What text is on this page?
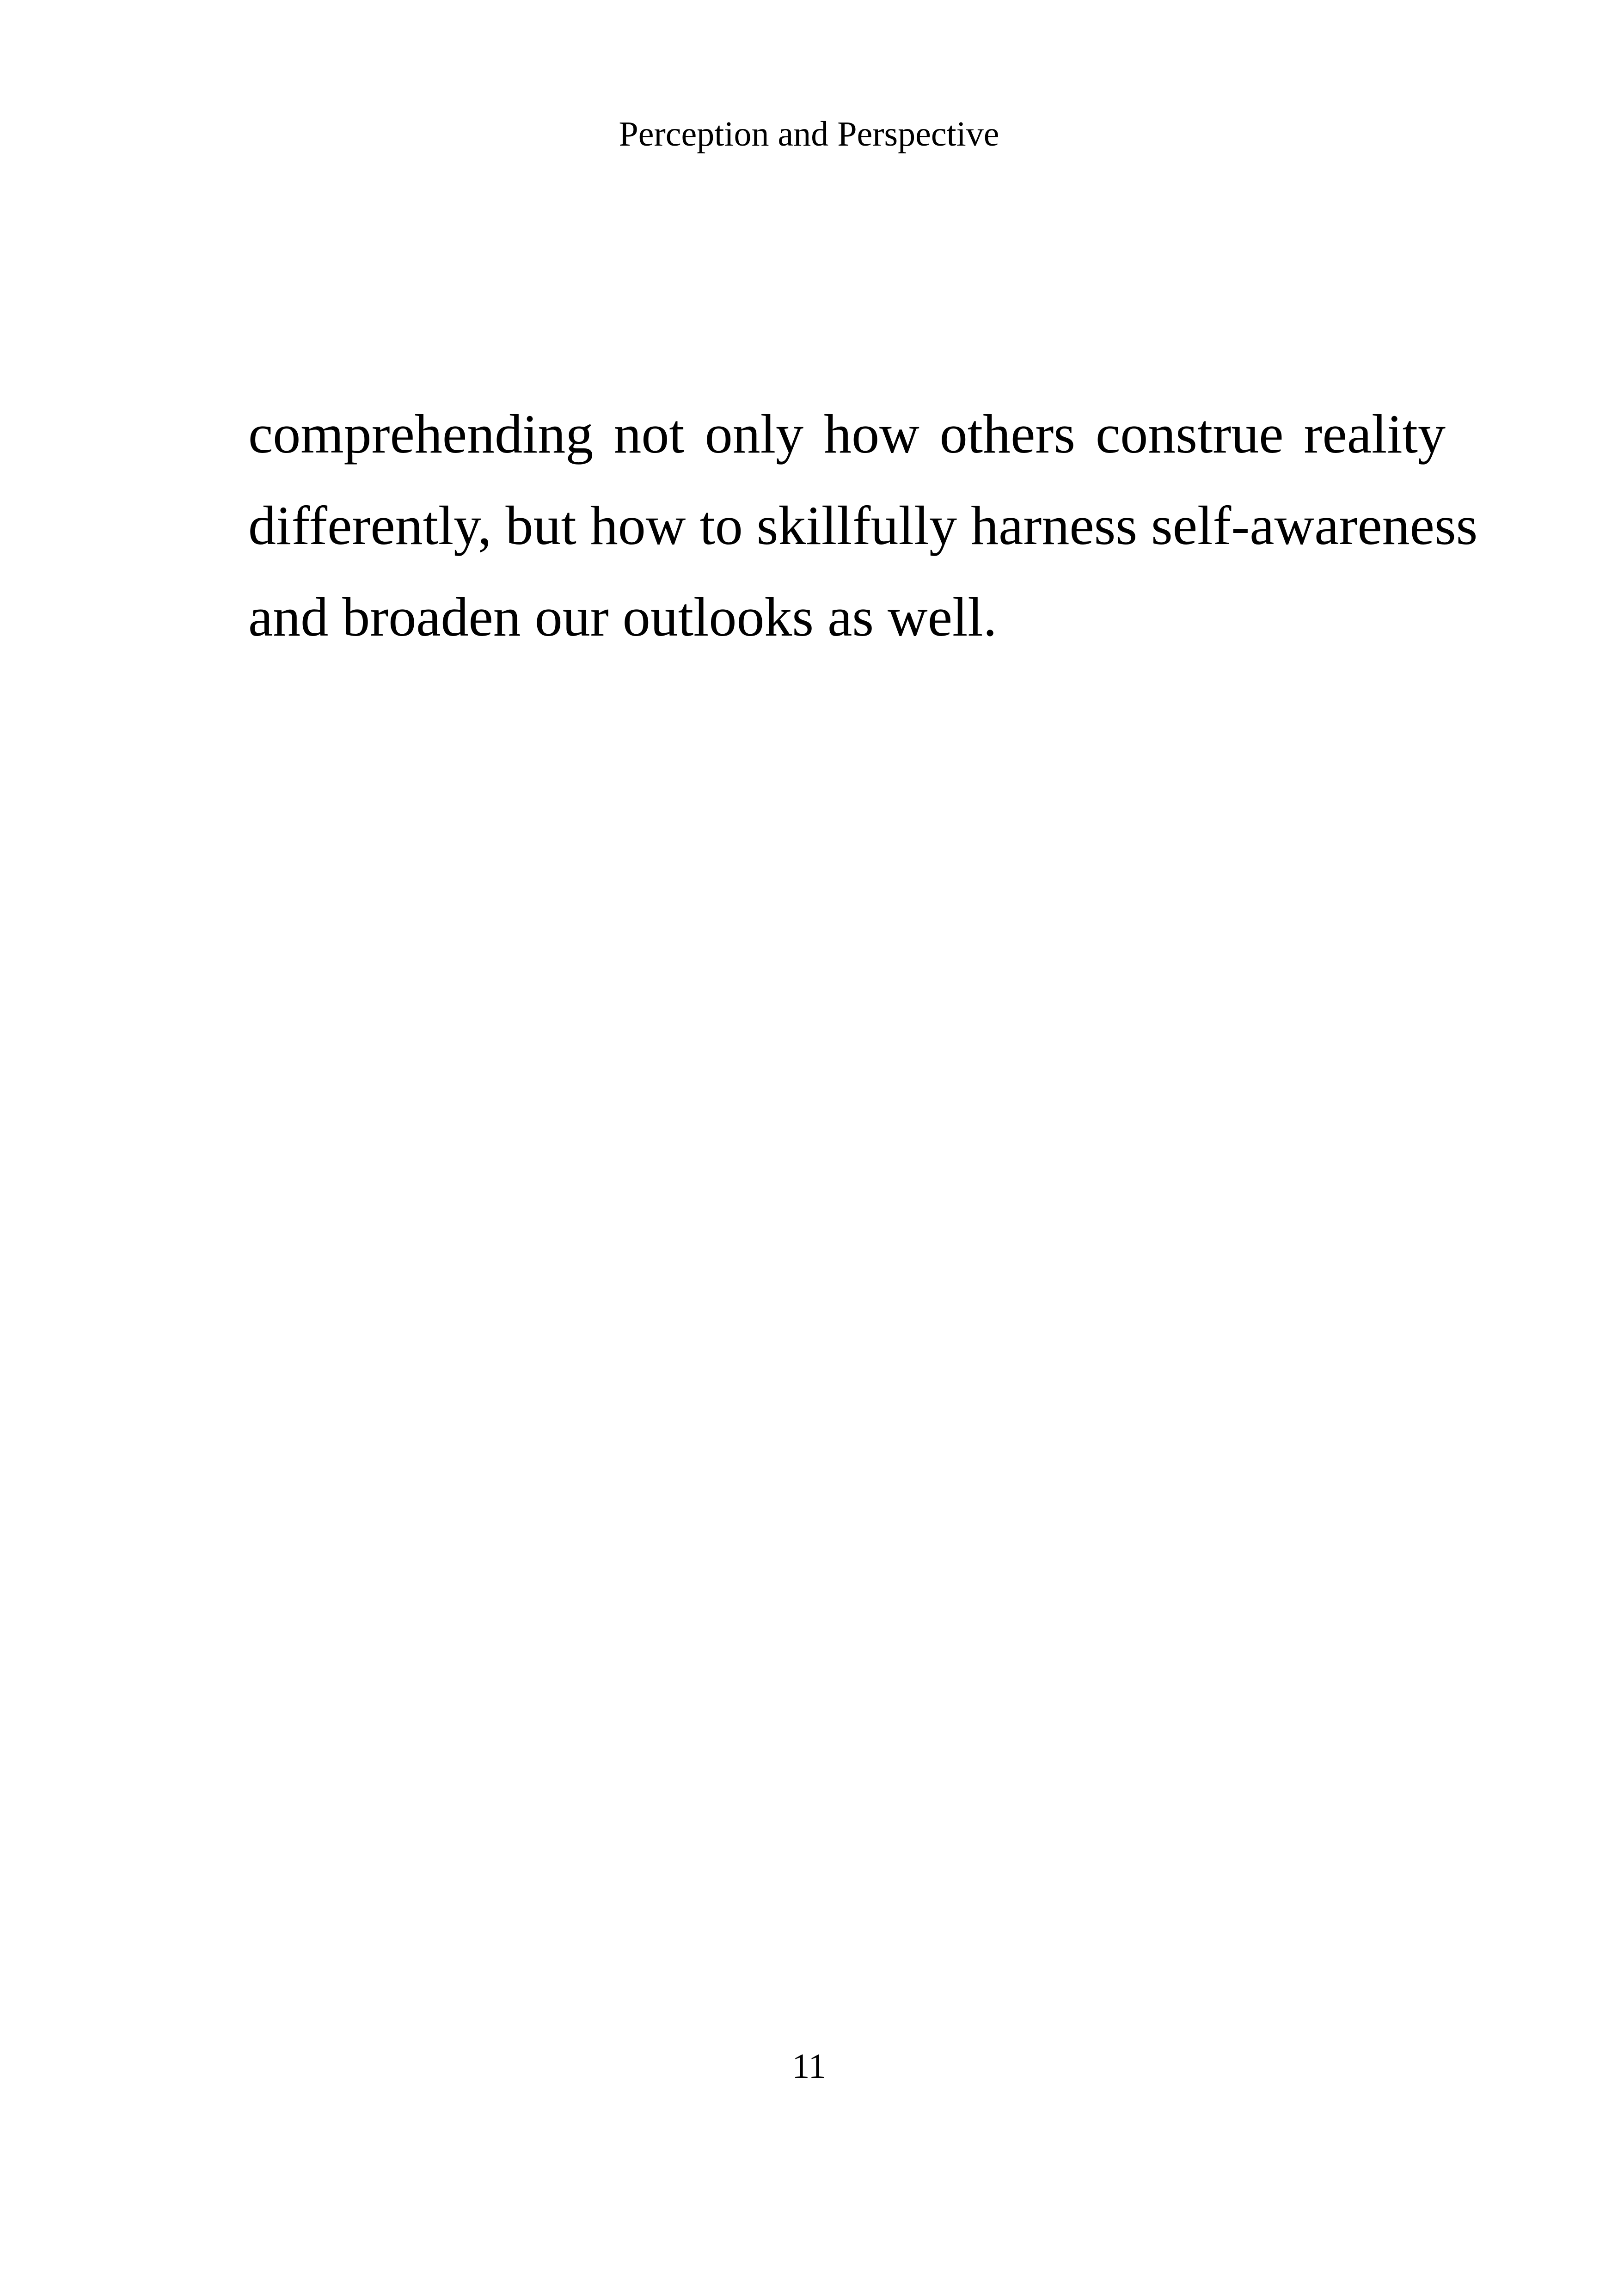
Perception and Perspective

comprehending not only how others construe reality
differently, but how to skillfully harness self-awareness
and broaden our outlooks as well.

11
